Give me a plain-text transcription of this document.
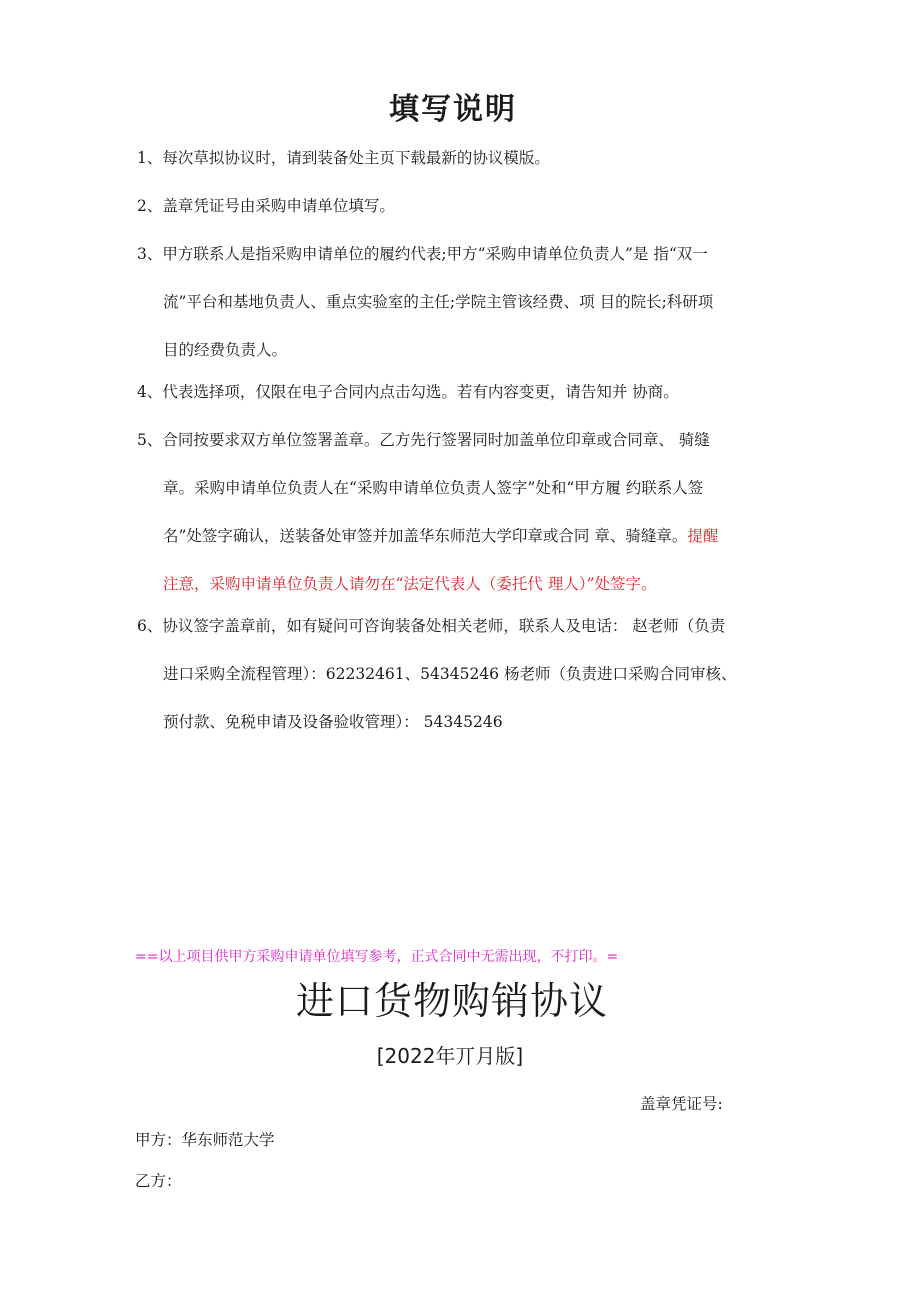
填写说明
1、每次草拟协议时，请到装备处主页下载最新的协议模版。
2、盖章凭证号由采购申请单位填写。
3、甲方联系人是指采购申请单位的履约代表;甲方“采购申请单位负责人”是 指“双一
流”平台和基地负责人、重点实验室的主任;学院主管该经费、项 目的院长;科研项
目的经费负责人。
4、代表选择项，仅限在电子合同内点击勾选。若有内容变更，请告知并 协商。
5、合同按要求双方单位签署盖章。乙方先行签署同时加盖单位印章或合同章、 骑缝
章。采购申请单位负责人在“采购申请单位负责人签字”处和“甲方履 约联系人签
名”处签字确认，送装备处审签并加盖华东师范大学印章或合同 章、骑缝章。提醒
注意，采购申请单位负责人请勿在“法定代表人（委托代 理人）”处签字。
6、协议签字盖章前，如有疑问可咨询装备处相关老师，联系人及电话： 赵老师（负责
进口采购全流程管理）：62232461、54345246 杨老师（负责进口采购合同审核、
预付款、免税申请及设备验收管理）： 54345246
==以上项目供甲方采购申请单位填写参考，正式合同中无需出现，不打印。=
进口货物购销协议
[2022年丌月版]
盖章凭证号:
甲方：华东师范大学
乙方：
